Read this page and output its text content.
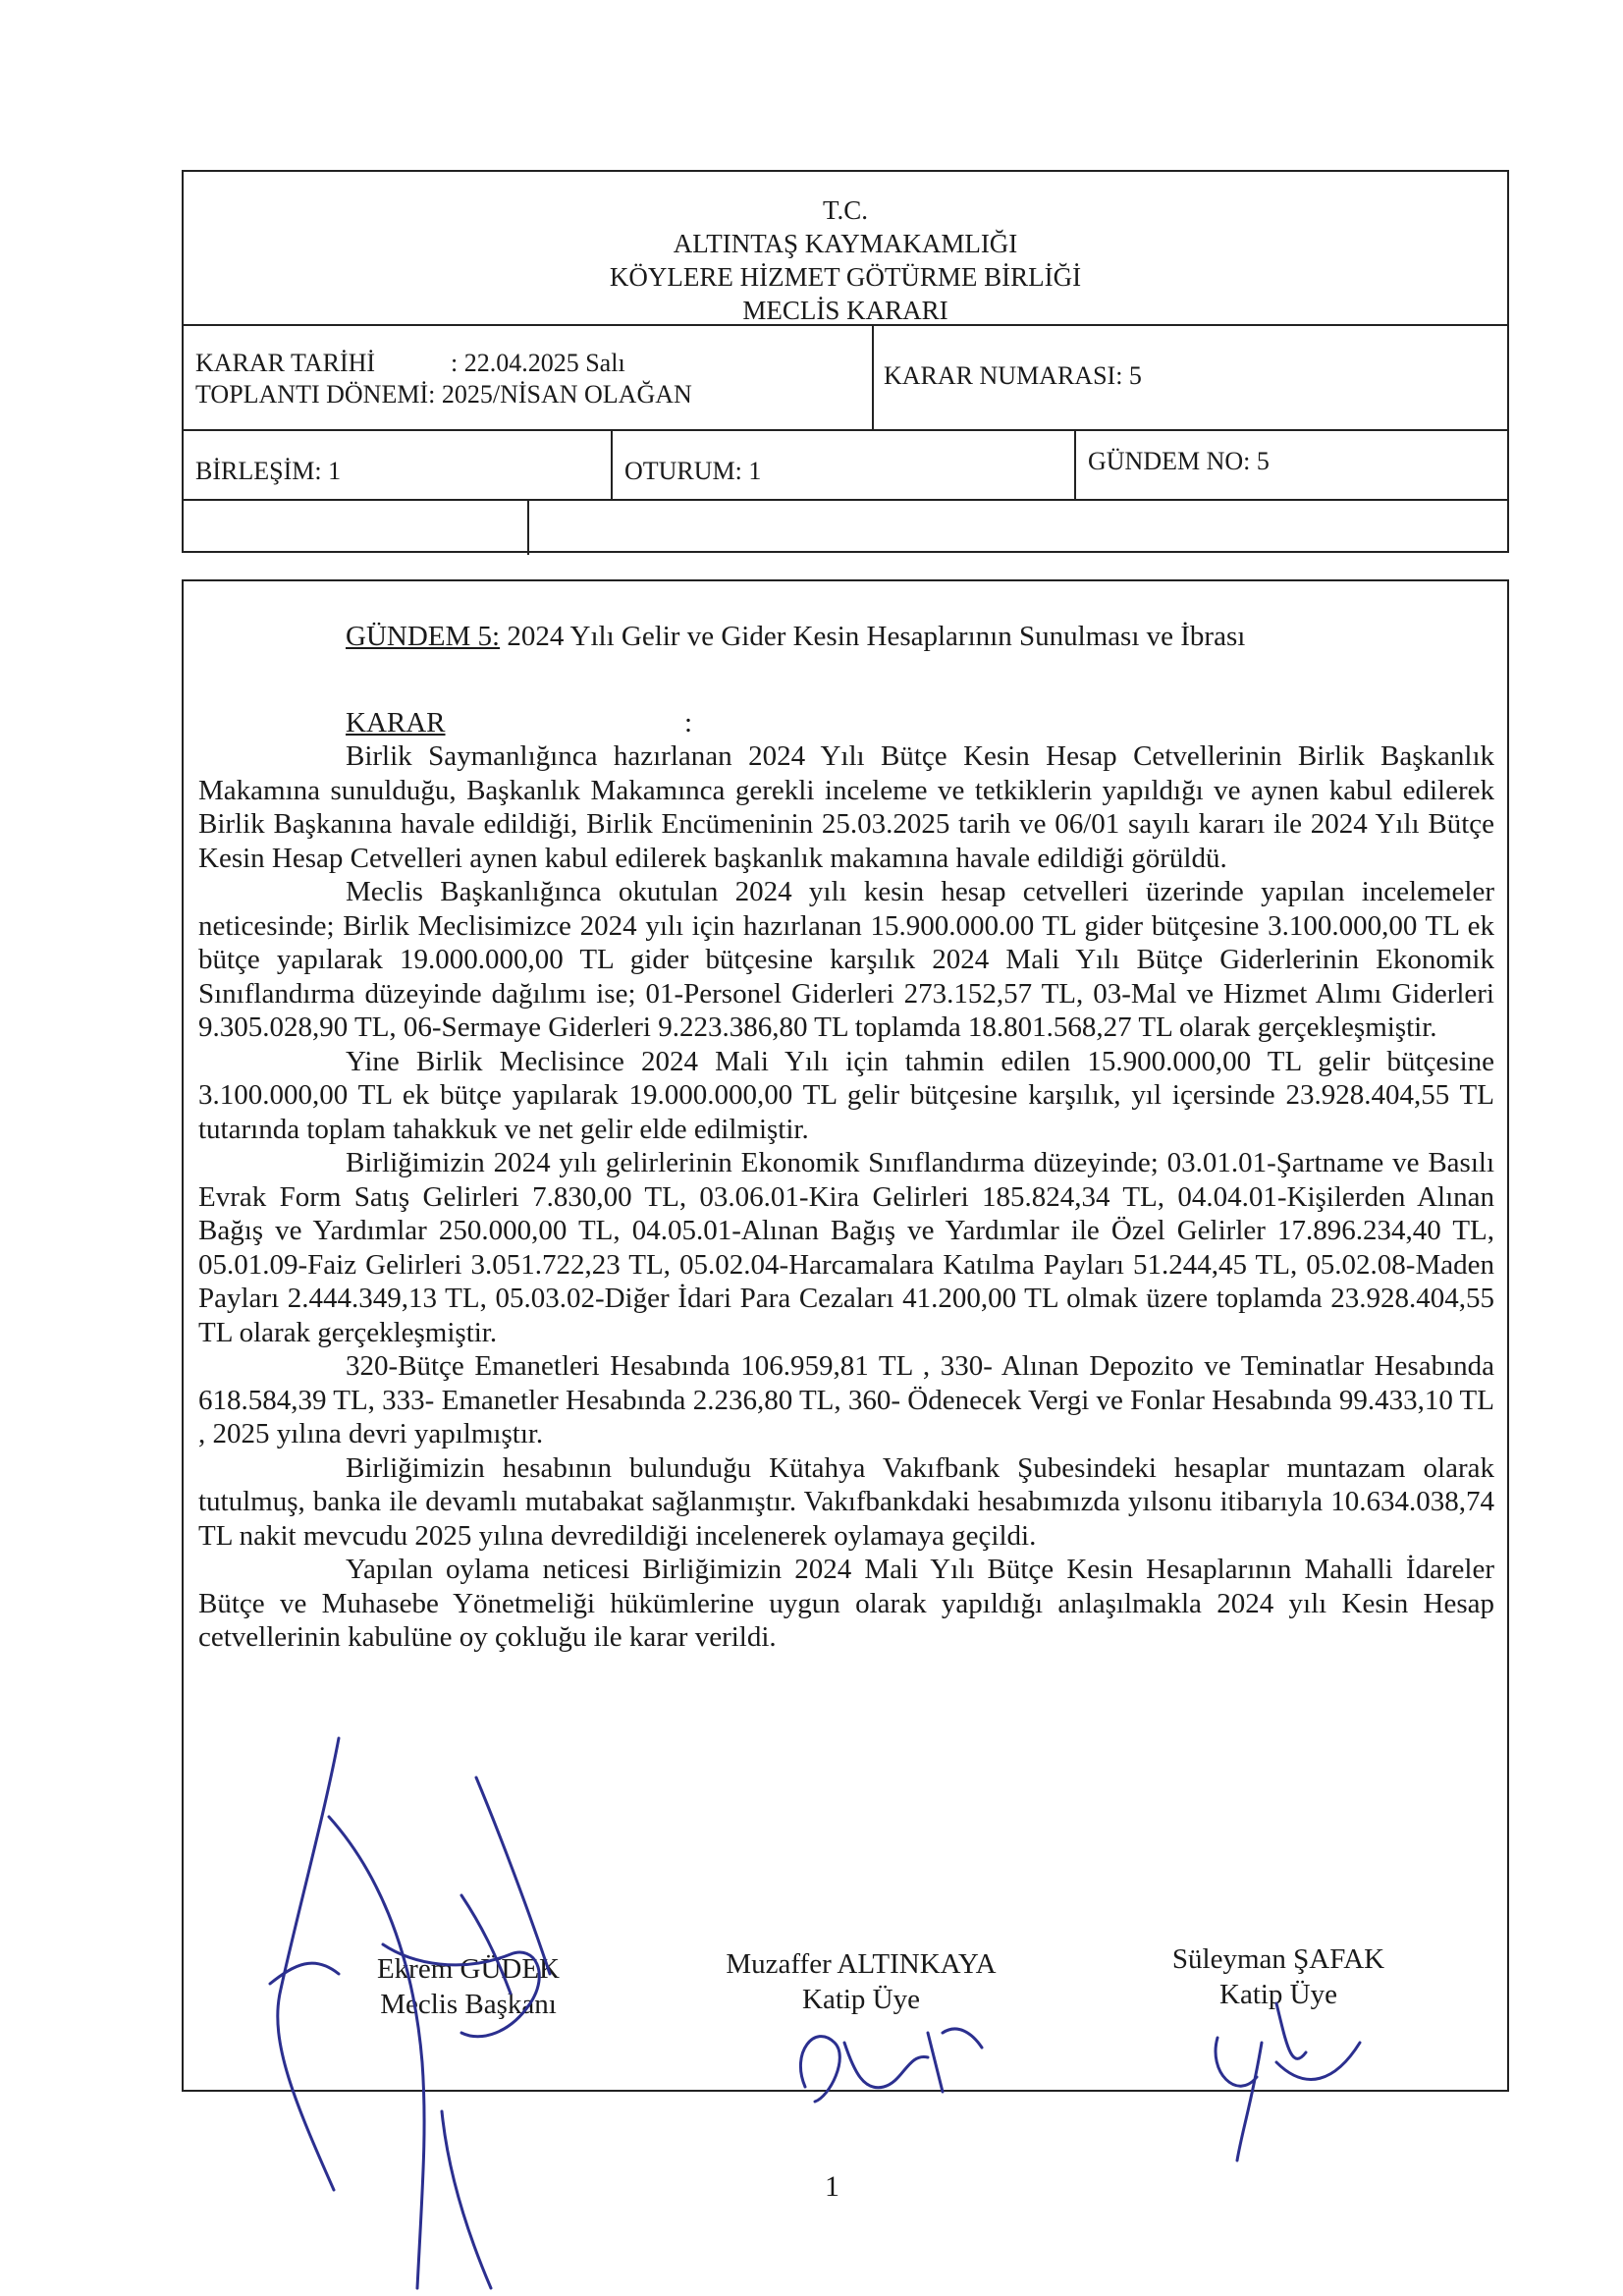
T.C.
ALTINTAŞ KAYMAKAMLIĞI
KÖYLERE HİZMET GÖTÜRME BİRLİĞİ
MECLİS KARARI
KARAR TARİHİ	: 22.04.2025 Salı
TOPLANTI DÖNEMİ: 2025/NİSAN OLAĞAN
KARAR NUMARASI: 5
BİRLEŞİM: 1	OTURUM: 1	GÜNDEM NO: 5
GÜNDEM 5: 2024 Yılı Gelir ve Gider Kesin Hesaplarının Sunulması ve İbrası
KARAR	:

Birlik Saymanlığınca hazırlanan 2024 Yılı Bütçe Kesin Hesap Cetvellerinin Birlik Başkanlık Makamına sunulduğu, Başkanlık Makamınca gerekli inceleme ve tetkiklerin yapıldığı ve aynen kabul edilerek Birlik Başkanına havale edildiği, Birlik Encümeninin 25.03.2025 tarih ve 06/01 sayılı kararı ile 2024 Yılı Bütçe Kesin Hesap Cetvelleri aynen kabul edilerek başkanlık makamına havale edildiği görüldü.

Meclis Başkanlığınca okutulan 2024 yılı kesin hesap cetvelleri üzerinde yapılan incelemeler neticesinde; Birlik Meclisimizce 2024 yılı için hazırlanan 15.900.000.00 TL gider bütçesine 3.100.000,00 TL ek bütçe yapılarak 19.000.000,00 TL gider bütçesine karşılık 2024 Mali Yılı Bütçe Giderlerinin Ekonomik Sınıflandırma düzeyinde dağılımı ise; 01-Personel Giderleri 273.152,57 TL, 03-Mal ve Hizmet Alımı Giderleri 9.305.028,90 TL, 06-Sermaye Giderleri 9.223.386,80 TL toplamda 18.801.568,27 TL olarak gerçekleşmiştir.

Yine Birlik Meclisince 2024 Mali Yılı için tahmin edilen 15.900.000,00 TL gelir bütçesine 3.100.000,00 TL ek bütçe yapılarak 19.000.000,00 TL gelir bütçesine karşılık, yıl içersinde 23.928.404,55 TL tutarında toplam tahakkuk ve net gelir elde edilmiştir.

Birliğimizin 2024 yılı gelirlerinin Ekonomik Sınıflandırma düzeyinde; 03.01.01-Şartname ve Basılı Evrak Form Satış Gelirleri 7.830,00 TL, 03.06.01-Kira Gelirleri 185.824,34 TL, 04.04.01-Kişilerden Alınan Bağış ve Yardımlar 250.000,00 TL, 04.05.01-Alınan Bağış ve Yardımlar ile Özel Gelirler 17.896.234,40 TL, 05.01.09-Faiz Gelirleri 3.051.722,23 TL, 05.02.04-Harcamalara Katılma Payları 51.244,45 TL, 05.02.08-Maden Payları 2.444.349,13 TL, 05.03.02-Diğer İdari Para Cezaları 41.200,00 TL olmak üzere toplamda 23.928.404,55 TL olarak gerçekleşmiştir.

320-Bütçe Emanetleri Hesabında 106.959,81 TL , 330- Alınan Depozito ve Teminatlar Hesabında 618.584,39 TL, 333- Emanetler Hesabında 2.236,80 TL, 360- Ödenecek Vergi ve Fonlar Hesabında 99.433,10 TL , 2025 yılına devri yapılmıştır.

Birliğimizin hesabının bulunduğu Kütahya Vakıfbank Şubesindeki hesaplar muntazam olarak tutulmuş, banka ile devamlı mutabakat sağlanmıştır. Vakıfbankdaki hesabımızda yılsonu itibarıyla 10.634.038,74 TL nakit mevcudu 2025 yılına devredildiği incelenerek oylamaya geçildi.

Yapılan oylama neticesi Birliğimizin 2024 Mali Yılı Bütçe Kesin Hesaplarının Mahalli İdareler Bütçe ve Muhasebe Yönetmeliği hükümlerine uygun olarak yapıldığı anlaşılmakla 2024 yılı Kesin Hesap cetvellerinin kabulüne oy çokluğu ile karar verildi.

Ekrem GÜDEK
Meclis Başkanı
Muzaffer ALTINKAYA
Katip Üye
Süleyman ŞAFAK
Katip Üye
1
